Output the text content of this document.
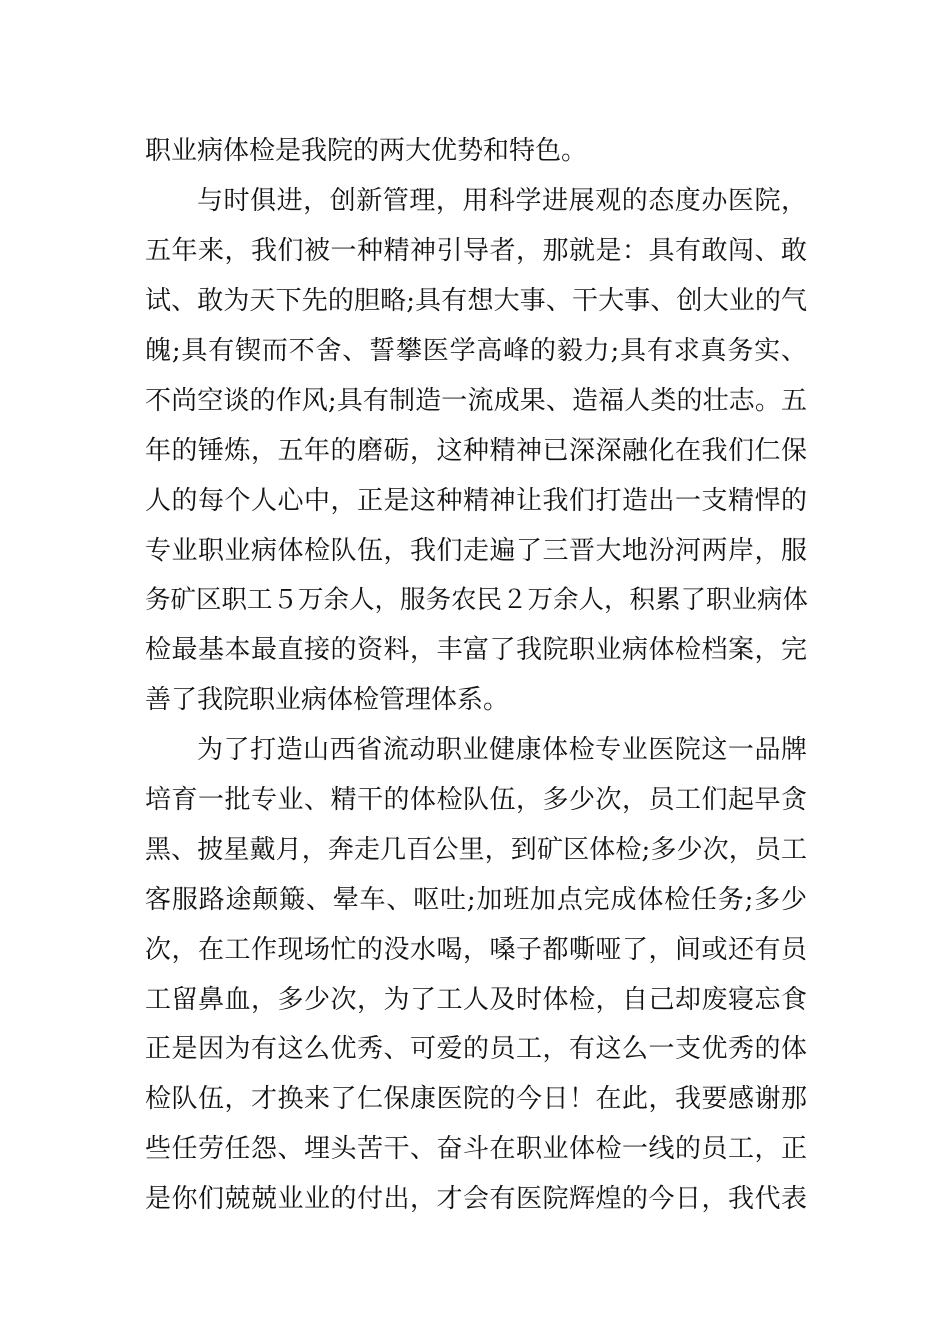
职业病体检是我院的两大优势和特色。
与时俱进，创新管理，用科学进展观的态度办医院，
五年来，我们被一种精神引导者，那就是：具有敢闯、敢
试、敢为天下先的胆略;具有想大事、干大事、创大业的气
魄;具有锲而不舍、誓攀医学高峰的毅力;具有求真务实、
不尚空谈的作风;具有制造一流成果、造福人类的壮志。五
年的锤炼，五年的磨砺，这种精神已深深融化在我们仁保
人的每个人心中，正是这种精神让我们打造出一支精悍的
专业职业病体检队伍，我们走遍了三晋大地汾河两岸，服
务矿区职工５万余人，服务农民２万余人，积累了职业病体
检最基本最直接的资料，丰富了我院职业病体检档案，完
善了我院职业病体检管理体系。
为了打造山西省流动职业健康体检专业医院这一品牌
培育一批专业、精干的体检队伍，多少次，员工们起早贪
黑、披星戴月，奔走几百公里，到矿区体检;多少次，员工
客服路途颠簸、晕车、呕吐;加班加点完成体检任务;多少
次，在工作现场忙的没水喝，嗓子都嘶哑了，间或还有员
工留鼻血，多少次，为了工人及时体检，自己却废寝忘食
正是因为有这么优秀、可爱的员工，有这么一支优秀的体
检队伍，才换来了仁保康医院的今日！在此，我要感谢那
些任劳任怨、埋头苦干、奋斗在职业体检一线的员工，正
是你们兢兢业业的付出，才会有医院辉煌的今日，我代表
